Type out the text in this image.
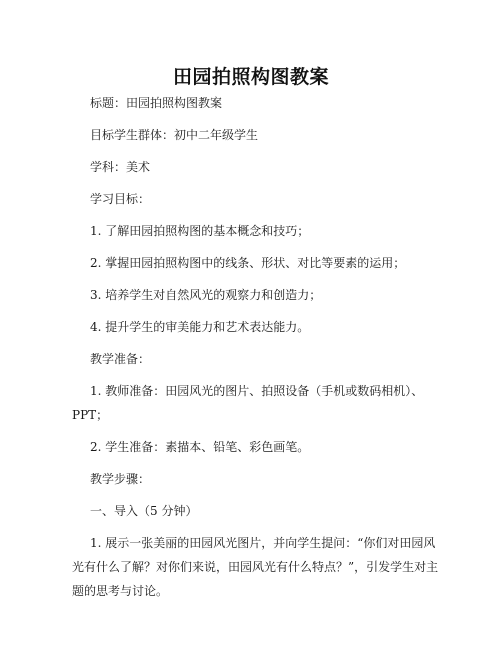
田园拍照构图教案
标题：田园拍照构图教案
目标学生群体：初中二年级学生
学科：美术
学习目标：
1. 了解田园拍照构图的基本概念和技巧；
2. 掌握田园拍照构图中的线条、形状、对比等要素的运用；
3. 培养学生对自然风光的观察力和创造力；
4. 提升学生的审美能力和艺术表达能力。
教学准备：
1. 教师准备：田园风光的图片、拍照设备（手机或数码相机）、
PPT；
2. 学生准备：素描本、铅笔、彩色画笔。
教学步骤：
一、导入（5 分钟）
1. 展示一张美丽的田园风光图片，并向学生提问：“你们对田园风
光有什么了解？对你们来说，田园风光有什么特点？”，引发学生对主
题的思考与讨论。
